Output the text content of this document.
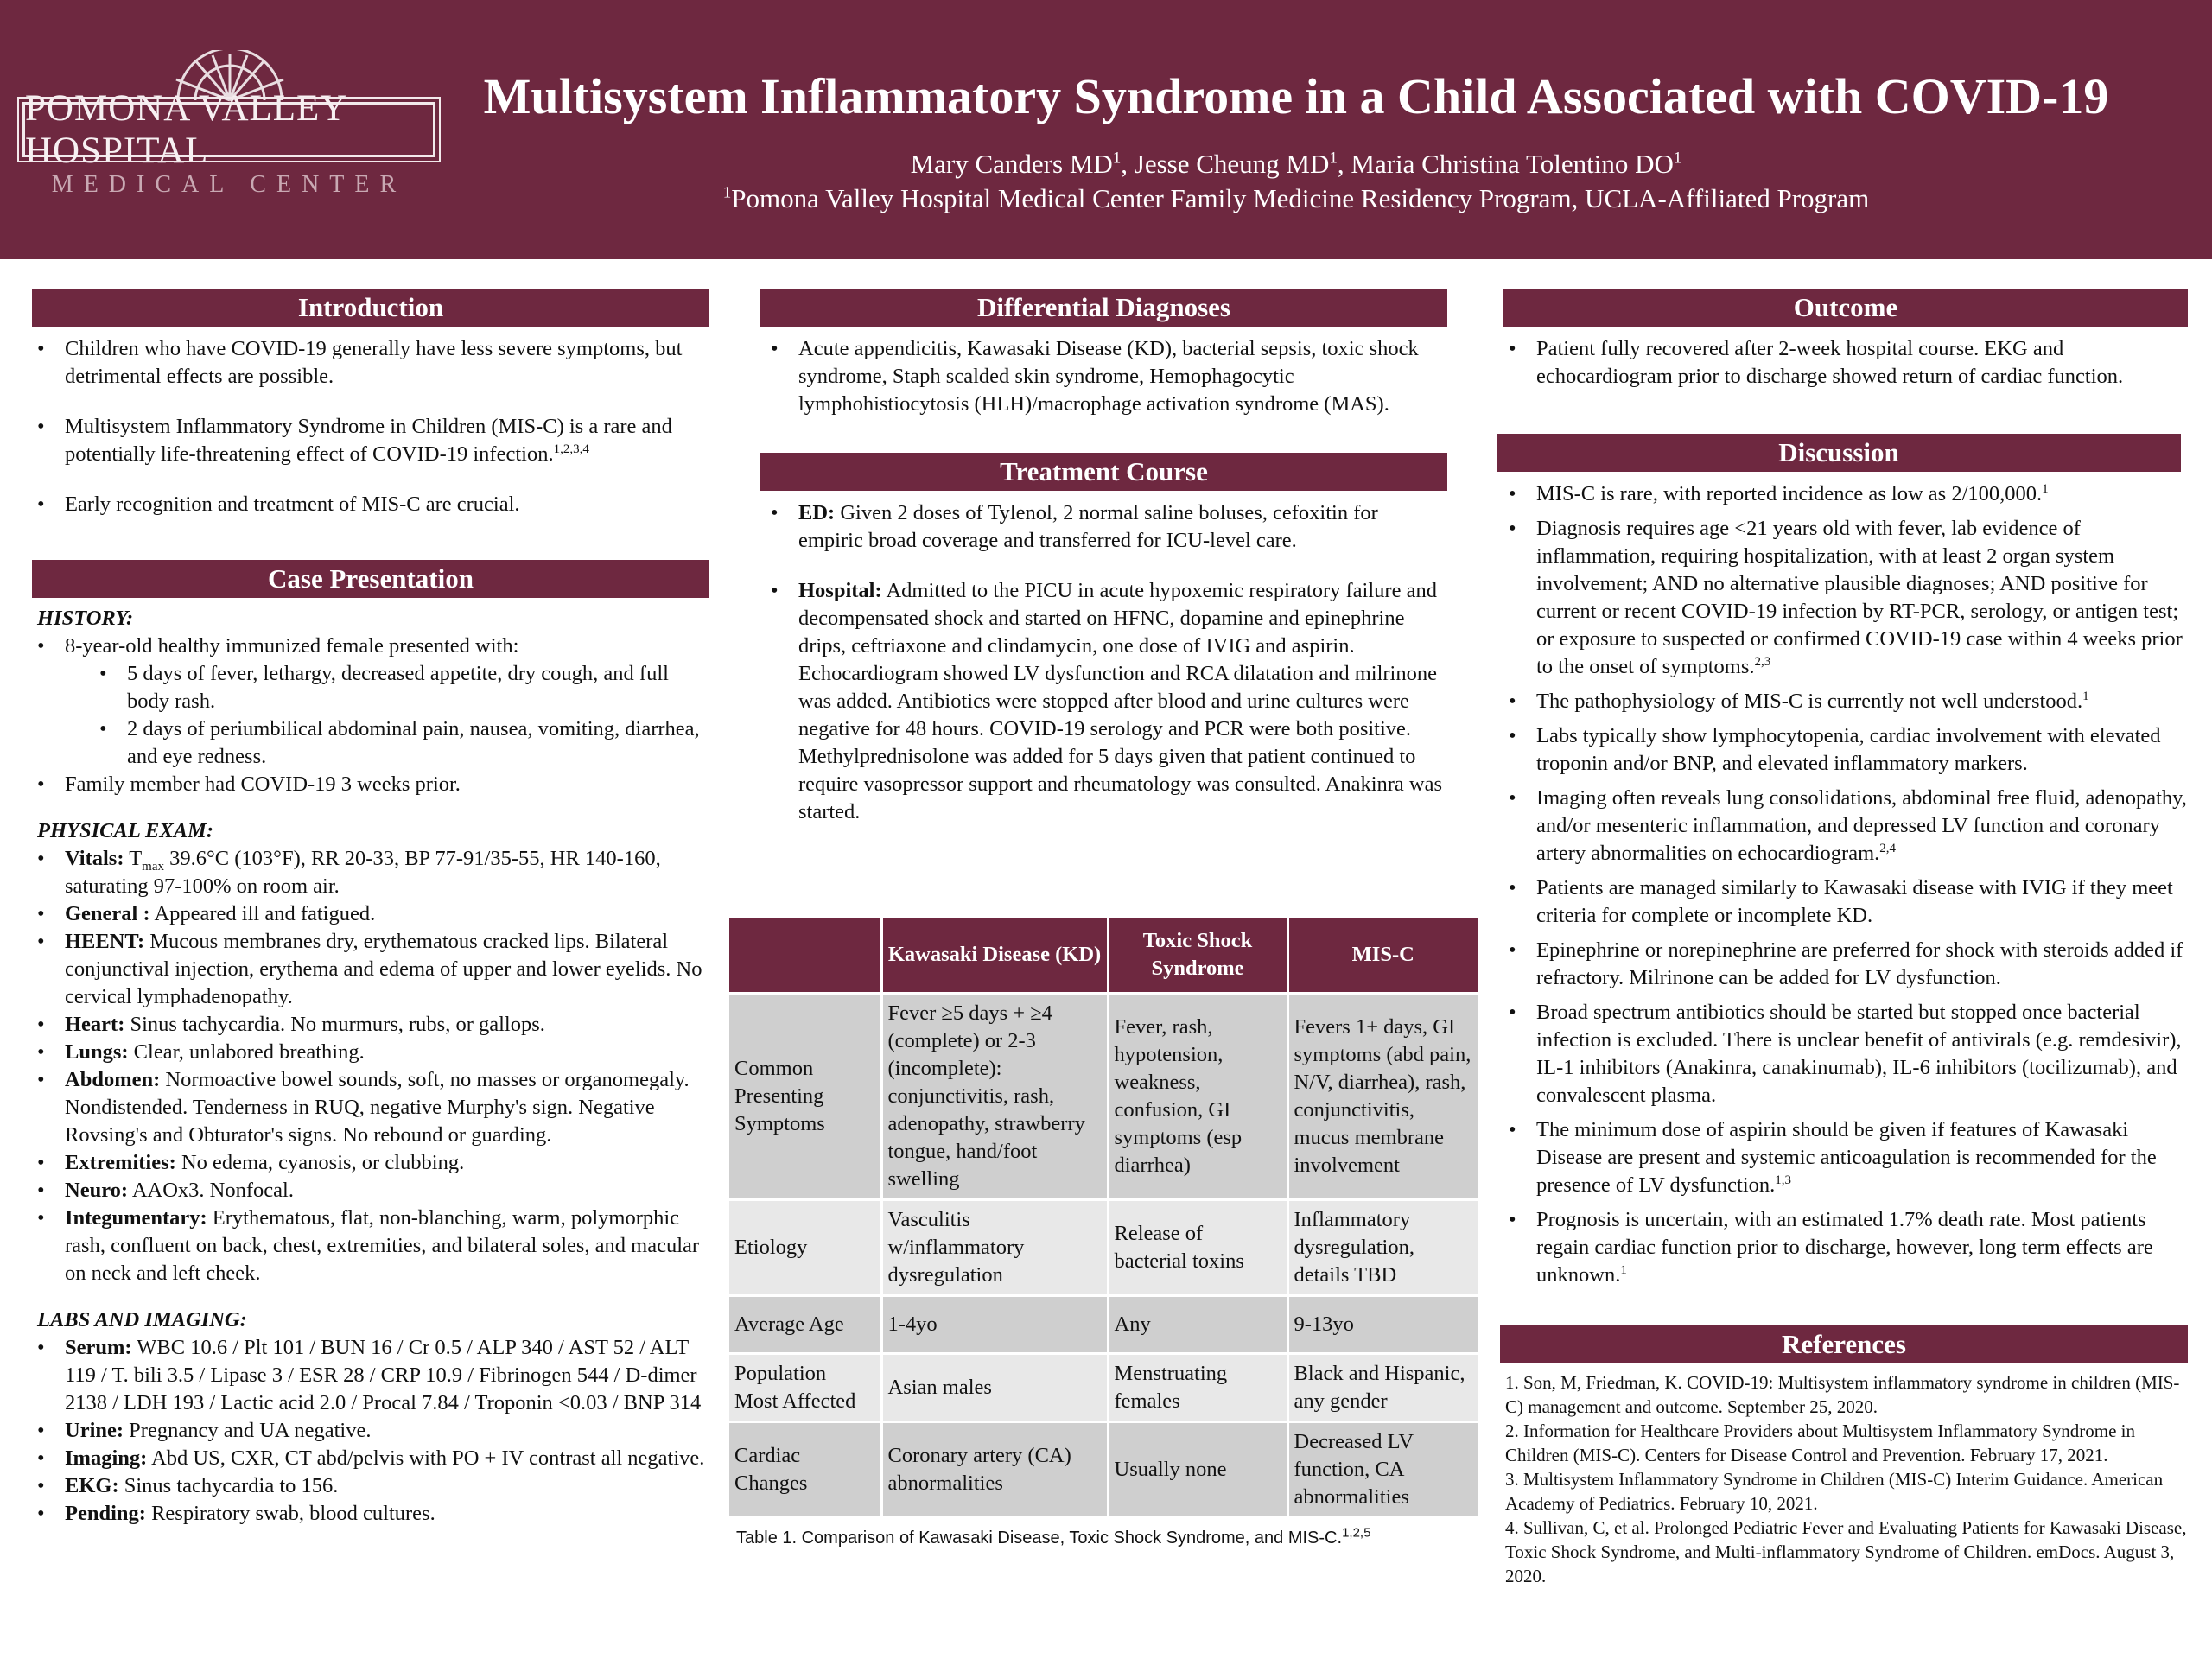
POMONA VALLEY HOSPITAL
MEDICAL CENTER
Multisystem Inflammatory Syndrome in a Child Associated with COVID-19
Mary Canders $MD^1$, Jesse Cheung $MD^1$, Maria Christina Tolentino $DO^1$
$^1$Pomona Valley Hospital Medical Center Family Medicine Residency Program, UCLA-Affiliated Program
Introduction
• Children who have COVID-19 generally have less severe symptoms, but detrimental effects are possible.
• Multisystem Inflammatory Syndrome in Children (MIS-C) is a rare and potentially life-threatening effect of COVID-19 infection.$^{1,2,3,4}$
• Early recognition and treatment of MIS-C are crucial.
Case Presentation
HISTORY:
• 8-year-old healthy immunized female presented with:
• 5 days of fever, lethargy, decreased appetite, dry cough, and full body rash.
• 2 days of periumbilical abdominal pain, nausea, vomiting, diarrhea, and eye redness.
• Family member had COVID-19 3 weeks prior.
PHYSICAL EXAM:
• Vitals: $T_{max}$ 39.6°C (103°F), RR 20-33, BP 77-91/35-55, HR 140-160, saturating 97-100% on room air.
• General : Appeared ill and fatigued.
• HEENT: Mucous membranes dry, erythematous cracked lips. Bilateral conjunctival injection, erythema and edema of upper and lower eyelids. No cervical lymphadenopathy.
• Heart: Sinus tachycardia. No murmurs, rubs, or gallops.
• Lungs: Clear, unlabored breathing.
• Abdomen: Normoactive bowel sounds, soft, no masses or organomegaly. Nondistended. Tenderness in RUQ, negative Murphy's sign. Negative Rovsing's and Obturator's signs. No rebound or guarding.
• Extremities: No edema, cyanosis, or clubbing.
• Neuro: AAOx3. Nonfocal.
• Integumentary: Erythematous, flat, non-blanching, warm, polymorphic rash, confluent on back, chest, extremities, and bilateral soles, and macular on neck and left cheek.
LABS AND IMAGING:
• Serum: WBC 10.6 / Plt 101 / BUN 16 / Cr 0.5 / ALP 340 / AST 52 / ALT 119 / T. bili 3.5 / Lipase 3 / ESR 28 / CRP 10.9 / Fibrinogen 544 / D-dimer 2138 / LDH 193 / Lactic acid 2.0 / Procal 7.84 / Troponin <0.03 / BNP 314
• Urine: Pregnancy and UA negative.
• Imaging: Abd US, CXR, CT abd/pelvis with PO + IV contrast all negative.
• EKG: Sinus tachycardia to 156.
• Pending: Respiratory swab, blood cultures.
Differential Diagnoses
• Acute appendicitis, Kawasaki Disease (KD), bacterial sepsis, toxic shock syndrome, Staph scalded skin syndrome, Hemophagocytic lymphohistiocytosis (HLH)/macrophage activation syndrome (MAS).
Treatment Course
• ED: Given 2 doses of Tylenol, 2 normal saline boluses, cefoxitin for empiric broad coverage and transferred for ICU-level care.
• Hospital: Admitted to the PICU in acute hypoxemic respiratory failure and decompensated shock and started on HFNC, dopamine and epinephrine drips, ceftriaxone and clindamycin, one dose of IVIG and aspirin. Echocardiogram showed LV dysfunction and RCA dilatation and milrinone was added. Antibiotics were stopped after blood and urine cultures were negative for 48 hours. COVID-19 serology and PCR were both positive. Methylprednisolone was added for 5 days given that patient continued to require vasopressor support and rheumatology was consulted. Anakinra was started.
	Kawasaki Disease (KD)	Toxic Shock Syndrome	MIS-C
Common Presenting Symptoms	Fever ≥5 days + ≥4 (complete) or 2-3 (incomplete): conjunctivitis, rash, adenopathy, strawberry tongue, hand/foot swelling	Fever, rash, hypotension, weakness, confusion, GI symptoms (esp diarrhea)	Fevers 1+ days, GI symptoms (abd pain, N/V, diarrhea), rash, conjunctivitis, mucus membrane involvement
Etiology	Vasculitis w/inflammatory dysregulation	Release of bacterial toxins	Inflammatory dysregulation, details TBD
Average Age	1-4yo	Any	9-13yo
Population Most Affected	Asian males	Menstruating females	Black and Hispanic, any gender
Cardiac Changes	Coronary artery (CA) abnormalities	Usually none	Decreased LV function, CA abnormalities
Table 1. Comparison of Kawasaki Disease, Toxic Shock Syndrome, and MIS-C.$^{1,2,5}$
Outcome
• Patient fully recovered after 2-week hospital course. EKG and echocardiogram prior to discharge showed return of cardiac function.
Discussion
• MIS-C is rare, with reported incidence as low as 2/100,000.$^1$
• Diagnosis requires age <21 years old with fever, lab evidence of inflammation, requiring hospitalization, with at least 2 organ system involvement; AND no alternative plausible diagnoses; AND positive for current or recent COVID-19 infection by RT-PCR, serology, or antigen test; or exposure to suspected or confirmed COVID-19 case within 4 weeks prior to the onset of symptoms.$^{2,3}$
• The pathophysiology of MIS-C is currently not well understood.$^1$
• Labs typically show lymphocytopenia, cardiac involvement with elevated troponin and/or BNP, and elevated inflammatory markers.
• Imaging often reveals lung consolidations, abdominal free fluid, adenopathy, and/or mesenteric inflammation, and depressed LV function and coronary artery abnormalities on echocardiogram.$^{2,4}$
• Patients are managed similarly to Kawasaki disease with IVIG if they meet criteria for complete or incomplete KD.
• Epinephrine or norepinephrine are preferred for shock with steroids added if refractory. Milrinone can be added for LV dysfunction.
• Broad spectrum antibiotics should be started but stopped once bacterial infection is excluded. There is unclear benefit of antivirals (e.g. remdesivir), IL-1 inhibitors (Anakinra, canakinumab), IL-6 inhibitors (tocilizumab), and convalescent plasma.
• The minimum dose of aspirin should be given if features of Kawasaki Disease are present and systemic anticoagulation is recommended for the presence of LV dysfunction.$^{1,3}$
• Prognosis is uncertain, with an estimated 1.7% death rate. Most patients regain cardiac function prior to discharge, however, long term effects are unknown.$^1$
References
1. Son, M, Friedman, K. COVID-19: Multisystem inflammatory syndrome in children (MIS-C) management and outcome. September 25, 2020.
2. Information for Healthcare Providers about Multisystem Inflammatory Syndrome in Children (MIS-C). Centers for Disease Control and Prevention. February 17, 2021.
3. Multisystem Inflammatory Syndrome in Children (MIS-C) Interim Guidance. American Academy of Pediatrics. February 10, 2021.
4. Sullivan, C, et al. Prolonged Pediatric Fever and Evaluating Patients for Kawasaki Disease, Toxic Shock Syndrome, and Multi-inflammatory Syndrome of Children. emDocs. August 3, 2020.
